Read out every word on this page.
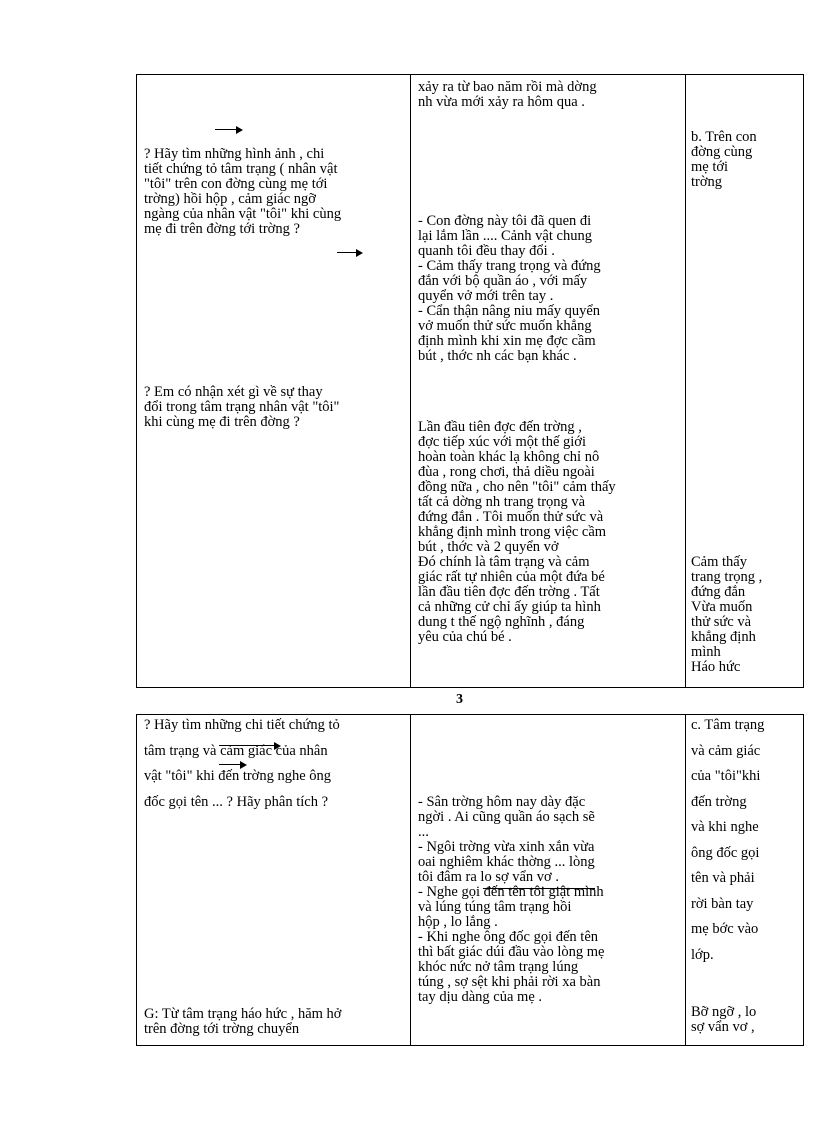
? Hãy tìm những hình ảnh , chi
tiết chứng tỏ tâm trạng ( nhân vật
"tôi" trên con đờng cùng mẹ tới
trờng) hồi hộp , cảm giác ngỡ
ngàng của nhân vật "tôi" khi cùng
mẹ đi trên đờng tới trờng ?

? Em có nhận xét gì về sự thay
đổi trong tâm trạng nhân vật "tôi"
khi cùng mẹ đi trên đờng ?

xảy ra từ bao năm rồi mà dờng
nh vừa mới xảy ra hôm qua .

- Con đờng này tôi đã quen đi
lại lắm lần .... Cảnh vật chung
quanh tôi đều thay đổi .
- Cảm thấy trang trọng và đứng
đắn với bộ quần áo , với mấy
quyển vở mới trên tay .
- Cẩn thận nâng niu mấy quyển
vở muốn thử sức muốn khẳng
định mình khi xin mẹ đợc cầm
bút , thớc nh các bạn khác .

Lần đầu tiên đợc đến trờng ,
đợc tiếp xúc với một thế giới
hoàn toàn khác lạ không chỉ nô
đùa , rong chơi, thả diều ngoài
đồng nữa , cho nên "tôi" cảm thấy
tất cả dờng nh trang trọng và
đứng đắn . Tôi muốn thử sức và
khẳng định mình trong việc cầm
bút , thớc và 2 quyển vở
Đó chính là tâm trạng và cảm
giác rất tự nhiên của một đứa bé
lần đầu tiên đợc đến trờng . Tất
cả những cử chỉ ấy giúp ta hình
dung t thế ngộ nghĩnh , đáng
yêu của chú bé .

b. Trên con
đờng cùng
mẹ tới
trờng

Cảm thấy
trang trọng ,
đứng đắn
Vừa muốn
thử sức và
khẳng định
mình
Háo hức

3

? Hãy tìm những chi tiết chứng tỏ
tâm trạng và cảm giác của nhân
vật "tôi" khi đến trờng nghe ông
đốc gọi tên ... ? Hãy phân tích ?

G: Từ tâm trạng háo hức , hăm hở
trên đờng tới trờng chuyển

- Sân trờng hôm nay dày đặc
ngời . Ai cũng quần áo sạch sẽ
...
- Ngôi trờng vừa xinh xắn vừa
oai nghiêm khác thờng ... lòng
tôi đâm ra lo sợ vẩn vơ .
- Nghe gọi đến tên tôi giật mình
và lúng túng tâm trạng hồi
hộp , lo lắng .
- Khi nghe ông đốc gọi đến tên
thì bất giác dúi đầu vào lòng mẹ
khóc nức nở tâm trạng lúng
túng , sợ sệt khi phải rời xa bàn
tay dịu dàng của mẹ .

c. Tâm trạng
và cảm giác
của "tôi"khi
đến trờng
và khi nghe
ông đốc gọi
tên và phải
rời bàn tay
mẹ bớc vào
lớp.

Bỡ ngỡ , lo
sợ vẩn vơ ,
